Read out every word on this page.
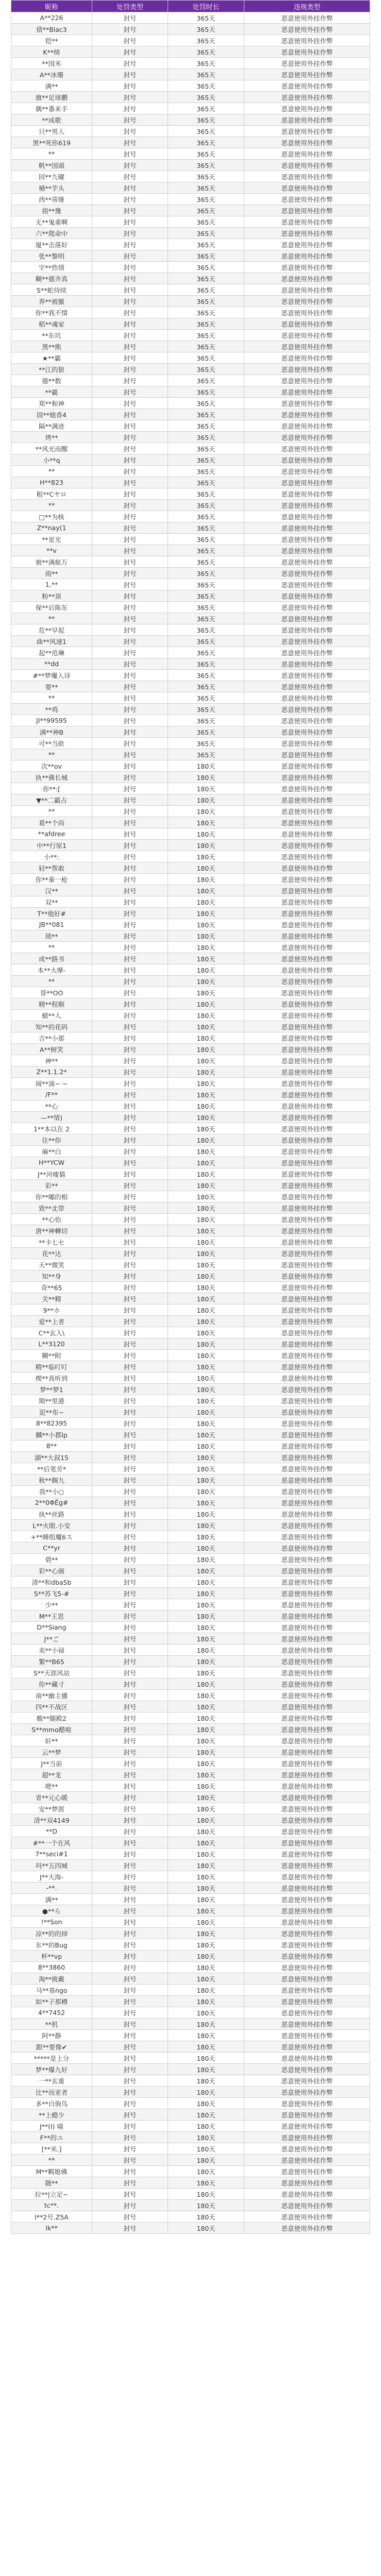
昵称	处罚类型	处罚时长	违规类型
A**226	封号	365天	恶意使用外挂作弊
债**Blac3	封号	365天	恶意使用外挂作弊
铠**	封号	365天	恶意使用外挂作弊
K**绮	封号	365天	恶意使用外挂作弊
**国米	封号	365天	恶意使用外挂作弊
A**冰珊	封号	365天	恶意使用外挂作弊
满**	封号	365天	恶意使用外挂作弊
旗**足球鹏	封号	365天	恶意使用外挂作弊
偶**番来手	封号	365天	恶意使用外挂作弊
**成歌	封号	365天	恶意使用外挂作弊
只**男人	封号	365天	恶意使用外挂作弊
黑**死你619	封号	365天	恶意使用外挂作弊
**	封号	365天	恶意使用外挂作弊
帆**国頭	封号	365天	恶意使用外挂作弊
回**九曜	封号	365天	恶意使用外挂作弊
桶**芋头	封号	365天	恶意使用外挂作弊
西**蒂继	封号	365天	恶意使用外挂作弊
指**豫	封号	365天	恶意使用外挂作弊
无**鬼重啊	封号	365天	恶意使用外挂作弊
六**爬命中	封号	365天	恶意使用外挂作弊
厦**击落好	封号	365天	恶意使用外挂作弊
张**黎明	封号	365天	恶意使用外挂作弊
宇**热情	封号	365天	恶意使用外挂作弊
糊**德齐真	封号	365天	恶意使用外挂作弊
S**蛇待续	封号	365天	恶意使用外挂作弊
养**被撤	封号	365天	恶意使用外挂作弊
你**我不情	封号	365天	恶意使用外挂作弊
稻**魂家	封号	365天	恶意使用外挂作弊
**东坑	封号	365天	恶意使用外挂作弊
黑**熊	封号	365天	恶意使用外挂作弊
★**霸	封号	365天	恶意使用外挂作弊
**江的狼	封号	365天	恶意使用外挂作弊
德**数	封号	365天	恶意使用外挂作弊
**霸	封号	365天	恶意使用外挂作弊
郑**和神	封号	365天	恶意使用外挂作弊
固**她香4	封号	365天	恶意使用外挂作弊
隔**满迹	封号	365天	恶意使用外挂作弊
烤**	封号	365天	恶意使用外挂作弊
**风光而醒	封号	365天	恶意使用外挂作弊
小**q	封号	365天	恶意使用外挂作弊
**	封号	365天	恶意使用外挂作弊
H**823	封号	365天	恶意使用外挂作弊
粗**Cヤロ	封号	365天	恶意使用外挂作弊
**	封号	365天	恶意使用外挂作弊
□**为核	封号	365天	恶意使用外挂作弊
Z**nay(1	封号	365天	恶意使用外挂作弊
**星光	封号	365天	恶意使用外挂作弊
**v	封号	365天	恶意使用外挂作弊
被**满航万	封号	365天	恶意使用外挂作弊
雨**	封号	365天	恶意使用外挂作弊
1.**	封号	365天	恶意使用外挂作弊
粉**顶	封号	365天	恶意使用外挂作弊
保**后陈东	封号	365天	恶意使用外挂作弊
**	封号	365天	恶意使用外挂作弊
危**早起	封号	365天	恶意使用外挂作弊
曲**风速1	封号	365天	恶意使用外挂作弊
起**范琳	封号	365天	恶意使用外挂作弊
**dd	封号	365天	恶意使用外挂作弊
#**梦魔入诗	封号	365天	恶意使用外挂作弊
要**	封号	365天	恶意使用外挂作弊
**	封号	365天	恶意使用外挂作弊
**鸡	封号	365天	恶意使用外挂作弊
JI**99595	封号	365天	恶意使用外挂作弊
满**神B	封号	365天	恶意使用外挂作弊
可**当欧	封号	365天	恶意使用外挂作弊
**	封号	365天	恶意使用外挂作弊
次**ov	封号	180天	恶意使用外挂作弊
执**佛长城	封号	180天	恶意使用外挂作弊
你**:[	封号	180天	恶意使用外挂作弊
▼**二霸占	封号	180天	恶意使用外挂作弊
**	封号	180天	恶意使用外挂作弊
葛**个尚	封号	180天	恶意使用外挂作弊
**afdree	封号	180天	恶意使用外挂作弊
中**行原1	封号	180天	恶意使用外挂作弊
小**:	封号	180天	恶意使用外挂作弊
轻**帮敢	封号	180天	恶意使用外挂作弊
你**秦一枪	封号	180天	恶意使用外挂作弊
汉**	封号	180天	恶意使用外挂作弊
双**	封号	180天	恶意使用外挂作弊
T**他好#	封号	180天	恶意使用外挂作弊
JB**081	封号	180天	恶意使用外挂作弊
琐**	封号	180天	恶意使用外挂作弊
**	封号	180天	恶意使用外挂作弊
成**路书	封号	180天	恶意使用外挂作弊
本**大摩-	封号	180天	恶意使用外挂作弊
**	封号	180天	恶意使用外挂作弊
哥**OO	封号	180天	恶意使用外挂作弊
精**程顺	封号	180天	恶意使用外挂作弊
蜡**人	封号	180天	恶意使用外挂作弊
知**的花码	封号	180天	恶意使用外挂作弊
吉**小那	封号	180天	恶意使用外挂作弊
A**树笑	封号	180天	恶意使用外挂作弊
神**	封号	180天	恶意使用外挂作弊
Z**1.1.2*	封号	180天	恶意使用外挂作弊
闹**演~ ~	封号	180天	恶意使用外挂作弊
/F**	封号	180天	恶意使用外挂作弊
**心	封号	180天	恶意使用外挂作弊
—**情)	封号	180天	恶意使用外挂作弊
1**本以在 2	封号	180天	恶意使用外挂作弊
住**你	封号	180天	恶意使用外挂作弊
麻**白	封号	180天	恶意使用外挂作弊
H**YCW	封号	180天	恶意使用外挂作弊
J**河瘦猫	封号	180天	恶意使用外挂作弊
彩**	封号	180天	恶意使用外挂作弊
你**嘟的相	封号	180天	恶意使用外挂作弊
致**北带	封号	180天	恶意使用外挂作弊
**心怡	封号	180天	恶意使用外挂作弊
唐**神轉切	封号	180天	恶意使用外挂作弊
**卡七セ	封号	180天	恶意使用外挂作弊
花**达	封号	180天	恶意使用外挂作弊
天**微笑	封号	180天	恶意使用外挂作弊
知**身	封号	180天	恶意使用外挂作弊
奇**65	封号	180天	恶意使用外挂作弊
关**精	封号	180天	恶意使用外挂作弊
9**ホ	封号	180天	恶意使用外挂作弊
爱**上者	封号	180天	恶意使用外挂作弊
C**玄人\	封号	180天	恶意使用外挂作弊
L**3120	封号	180天	恶意使用外挂作弊
糊**附	封号	180天	恶意使用外挂作弊
精**临叮叮	封号	180天	恶意使用外挂作弊
楔**真听到	封号	180天	恶意使用外挂作弊
梦**梦1	封号	180天	恶意使用外挂作弊
期**里港	封号	180天	恶意使用外挂作弊
泥**布~	封号	180天	恶意使用外挂作弊
8**82395	封号	180天	恶意使用外挂作弊
麟**小郡lp	封号	180天	恶意使用外挂作弊
8**	封号	180天	恶意使用外挂作弊
湖**大叔15	封号	180天	恶意使用外挂作弊
**后笔芳*	封号	180天	恶意使用外挂作弊
秋**搁九	封号	180天	恶意使用外挂作弊
我**小○	封号	180天	恶意使用外挂作弊
2**0ΦЁg#	封号	180天	恶意使用外挂作弊
执**丝路	封号	180天	恶意使用外挂作弊
L**火眼.小安	封号	180天	恶意使用外挂作弊
+**睡组魔6ス	封号	180天	恶意使用外挂作弊
C**yr	封号	180天	恶意使用外挂作弊
碧**	封号	180天	恶意使用外挂作弊
彩**心画	封号	180天	恶意使用外挂作弊
清**和dba5b	封号	180天	恶意使用外挂作弊
S**苏飞5-#	封号	180天	恶意使用外挂作弊
少**	封号	180天	恶意使用外挂作弊
M**王思	封号	180天	恶意使用外挂作弊
D**Siang	封号	180天	恶意使用外挂作弊
J**ご	封号	180天	恶意使用外挂作弊
卖**小禄	封号	180天	恶意使用外挂作弊
繁**B65	封号	180天	恶意使用外挂作弊
S**天涯风站	封号	180天	恶意使用外挂作弊
你**藏寸	封号	180天	恶意使用外挂作弊
南**幽主播	封号	180天	恶意使用外挂作弊
四**不战区	封号	180天	恶意使用外挂作弊
酸**腿殿2	封号	180天	恶意使用外挂作弊
S**mmo醋啦	封号	180天	恶意使用外挂作弊
轩**	封号	180天	恶意使用外挂作弊
云**梦	封号	180天	恶意使用外挂作弊
J**当前	封号	180天	恶意使用外挂作弊
超**龙	封号	180天	恶意使用外挂作弊
嗯**	封号	180天	恶意使用外挂作弊
青**元心暖	封号	180天	恶意使用外挂作弊
安**梦涯	封号	180天	恶意使用外挂作弊
清**双4149	封号	180天	恶意使用外挂作弊
**D	封号	180天	恶意使用外挂作弊
#**一个在风	封号	180天	恶意使用外挂作弊
7**seci#1	封号	180天	恶意使用外挂作弊
玛**五四城	封号	180天	恶意使用外挂作弊
J**大海-	封号	180天	恶意使用外挂作弊
-**.	封号	180天	恶意使用外挂作弊
满**	封号	180天	恶意使用外挂作弊
●**ら	封号	180天	恶意使用外挂作弊
!**Son	封号	180天	恶意使用外挂作弊
凉**的的掉	封号	180天	恶意使用外挂作弊
东**的Bug	封号	180天	恶意使用外挂作弊
杯**vp	封号	180天	恶意使用外挂作弊
8**3860	封号	180天	恶意使用外挂作弊
淘**挑戴	封号	180天	恶意使用外挂作弊
马**基ngo	封号	180天	恶意使用外挂作弊
如**子那樽	封号	180天	恶意使用外挂作弊
4**7452	封号	180天	恶意使用外挂作弊
**机	封号	180天	恶意使用外挂作弊
阿**静	封号	180天	恶意使用外挂作弊
跟**要像✔	封号	180天	恶意使用外挂作弊
*****是上分	封号	180天	恶意使用外挂作弊
梦**爆九好	封号	180天	恶意使用外挂作弊
一**玄重	封号	180天	恶意使用外挂作弊
比**而亚者	封号	180天	恶意使用外挂作弊
多**白驹鸟	封号	180天	恶意使用外挂作弊
**上瘾少	封号	180天	恶意使用外挂作弊
J**(I) 喵	封号	180天	恶意使用外挂作弊
F**的ユ	封号	180天	恶意使用外挂作弊
[**米.]	封号	180天	恶意使用外挂作弊
**	封号	180天	恶意使用外挂作弊
M**羁媳佛	封号	180天	恶意使用外挂作弊
随**	封号	180天	恶意使用外挂作弊
拉**|立足~	封号	180天	恶意使用外挂作弊
tc**.	封号	180天	恶意使用外挂作弊
I**2号.Z5A	封号	180天	恶意使用外挂作弊
Ik**	封号	180天	恶意使用外挂作弊
